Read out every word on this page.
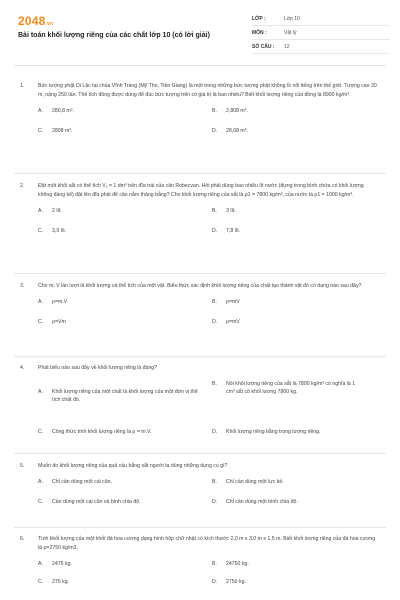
2048.vn
Bài toán khối lượng riêng của các chất lớp 10 (có lời giải)
LỚP :	Lớp 10
MÔN :	Vật lý
SỐ CÂU :	12
1.	Bức tượng phật Di Lặc tại chùa Vĩnh Tràng (Mỹ Tho, Tiền Giang) là một trong những bức tượng phật không lồ nổi tiếng trên thế giới. Tượng cao 20 m, nặng 250 tấn. Thể tích đồng được dùng để đúc bức tượng trên có giá trị là bao nhiêu? Biết khối lượng riêng của đồng là 8900 kg/m³.
A.	280,8 m³.	B.	2,808 m³.
C.	2808 m³.	D.	28,08 m³.
2.	Đặt một khối sắt có thể tích V₁ = 1 dm³ trên đĩa trái của cân Robecvan. Hỏi phải dùng bao nhiêu lít nước (đựng trong bình chứa có khối lượng không đáng kể) đặt lên đĩa phải để cân nằm thăng bằng? Cho khối lượng riêng của sắt là ρ1 = 7800 kg/m³, của nước là ρ1 = 1000 kg/m³.
A.	2 lít.	B.	3 lít.
C.	3,9 lít.	D.	7,8 lít.
3.	Cho m, V lần lượt là khối lượng và thể tích của một vật. Biểu thức xác định khối lượng riêng của chất tạo thành vật đó có dạng nào sau đây?
A.	ρ=m.V	B.	ρ=mV
C.	ρ=Vm	D.	ρ=mV
4.	Phát biểu nào sau đây về khối lượng riêng là đúng?
A.	Khối lượng riêng của một chất là khối lượng của một đơn vị thể tích chất đó.
B.	Nói khối lượng riêng của sắt là 7800 kg/m³ có nghĩa là 1 cm³ sắt có khối lượng 7800 kg.
C.	Công thức tính khối lượng riêng là ρ = m.V.	D.	Khối lượng riêng bằng trọng lượng riêng.
5.	Muốn đo khối lượng riêng của quả cầu bằng sắt người ta dùng những dụng cụ gì?
A.	Chỉ cần dùng một cái cân.	B.	Chỉ cần dùng một lực kế.
C.	Cần dùng một cái cân và bình chia độ.	D.	Chỉ cần dùng một bình chia độ.
6.	Tính khối lượng của một khối đá hoa cương dạng hình hộp chữ nhật có kích thước 2,0 m x 3,0 m x 1,5 m. Biết khối lượng riêng của đá hoa cương là ρ=2750 kg/m3.
A.	2475 kg.	B.	24750 kg.
C.	275 kg.	D.	2750 kg.
